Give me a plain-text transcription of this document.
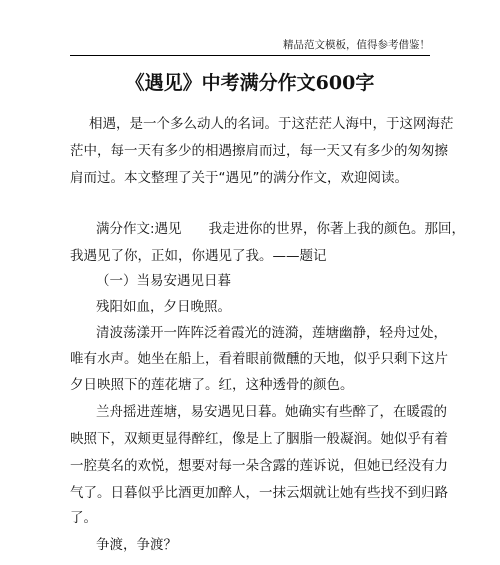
精品范文模板，值得参考借鉴！
《遇见》中考满分作文600字
相遇，是一个多么动人的名词。于这茫茫人海中，于这网海茫
茫中，每一天有多少的相遇擦肩而过，每一天又有多少的匆匆擦
肩而过。本文整理了关于“遇见”的满分作文，欢迎阅读。
满分作文:遇见　　我走进你的世界，你著上我的颜色。那回，
我遇见了你，正如，你遇见了我。——题记
（一）当易安遇见日暮
残阳如血，夕日晚照。
清波荡漾开一阵阵泛着霞光的涟漪，莲塘幽静，轻舟过处，
唯有水声。她坐在船上，看着眼前微醺的天地，似乎只剩下这片
夕日映照下的莲花塘了。红，这种透骨的颜色。
兰舟摇进莲塘，易安遇见日暮。她确实有些醉了，在暖霞的
映照下，双颊更显得醉红，像是上了胭脂一般凝润。她似乎有着
一腔莫名的欢悦，想要对每一朵含露的莲诉说，但她已经没有力
气了。日暮似乎比酒更加醉人，一抹云烟就让她有些找不到归路
了。
争渡，争渡？
